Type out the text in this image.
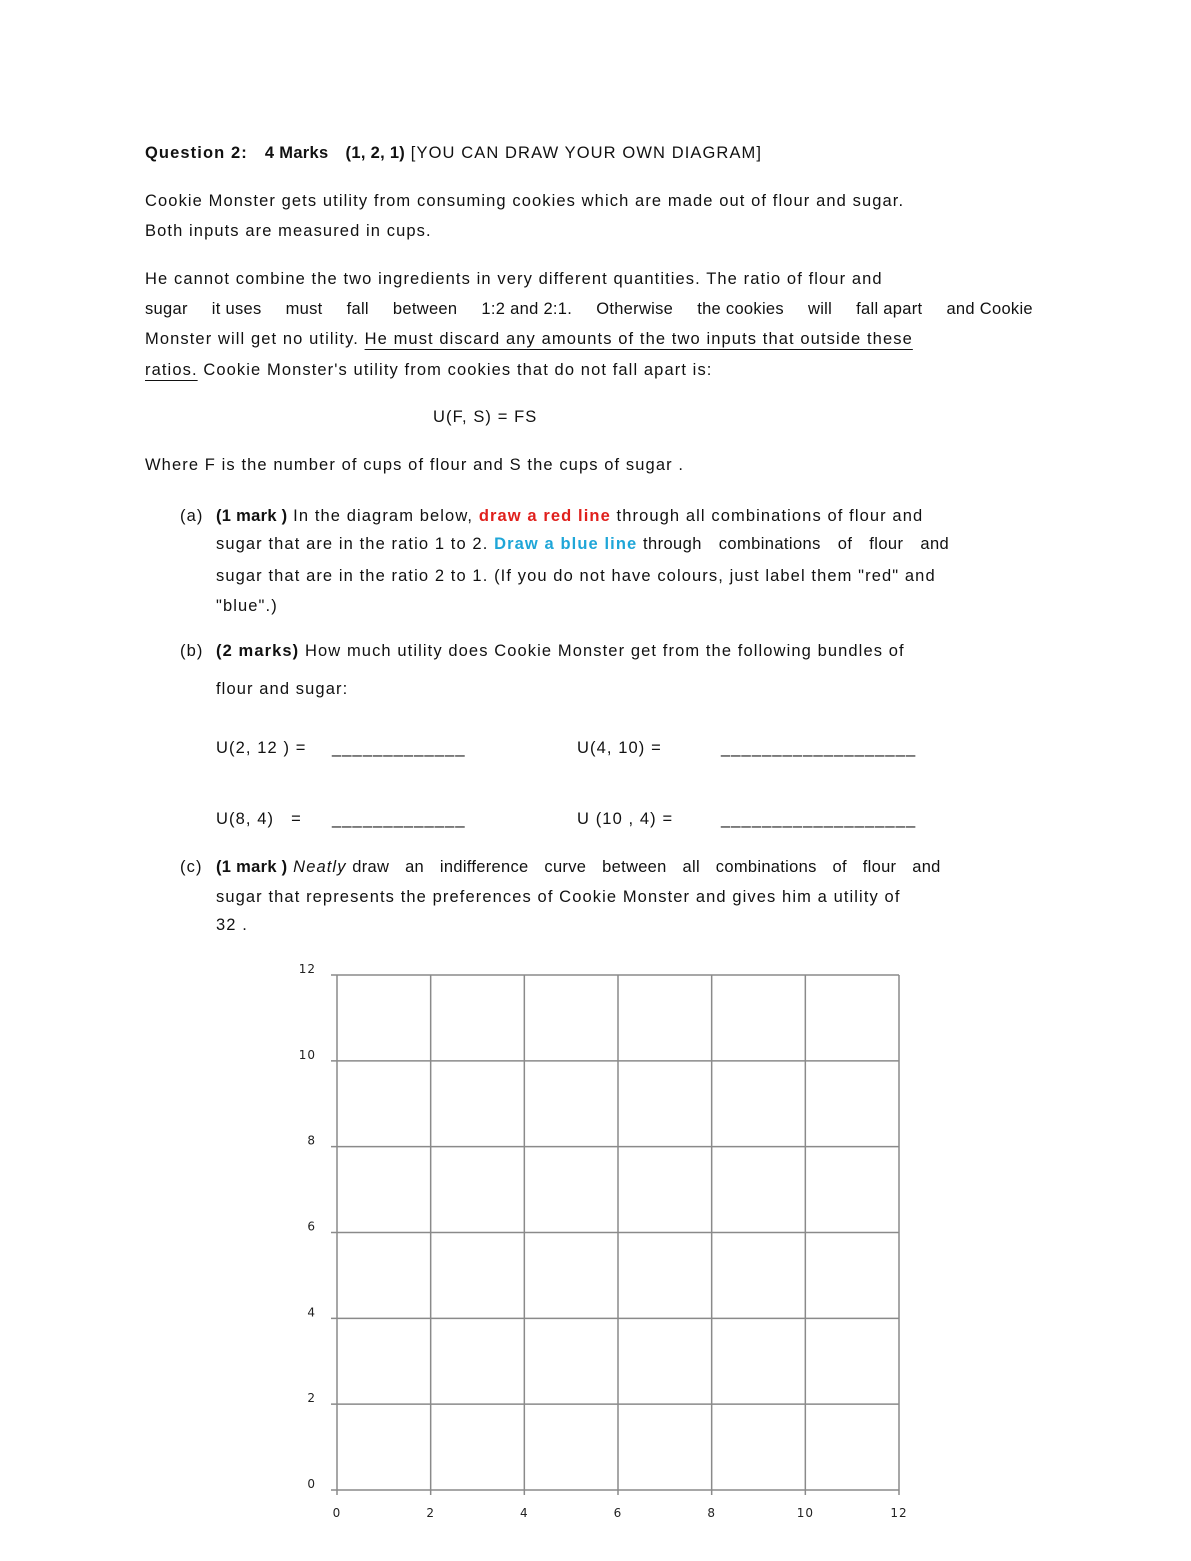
Question 2: 4 Marks (1, 2, 1) [YOU CAN DRAW YOUR OWN DIAGRAM]
Cookie Monster gets utility from consuming cookies which are made out of flour and sugar.
Both inputs are measured in cups.
He cannot combine the two ingredients in very different quantities. The ratio of flour and
sugar it uses must fall between 1:2 and 2:1. Otherwise the cookies will fall apart and Cookie
Monster will get no utility. He must discard any amounts of the two inputs that outside these
ratios. Cookie Monster's utility from cookies that do not fall apart is:
U(F, S) = FS
Where F is the number of cups of flour and S the cups of sugar .
(a) (1 mark ) In the diagram below, draw a red line through all combinations of flour and
sugar that are in the ratio 1 to 2. Draw a blue line through combinations of flour and
sugar that are in the ratio 2 to 1. (If you do not have colours, just label them "red" and
"blue".)
(b) (2 marks) How much utility does Cookie Monster get from the following bundles of
flour and sugar:
U(2, 12 ) = _____________	U(4, 10) =	___________________
U(8, 4)   = _____________	U (10 , 4) =	___________________
(c) (1 mark ) Neatly draw an indifference curve between all combinations of flour and
sugar that represents the preferences of Cookie Monster and gives him a utility of
32 .
0	2	4	6	8	10	12
0
2
4
6
8
10
12
